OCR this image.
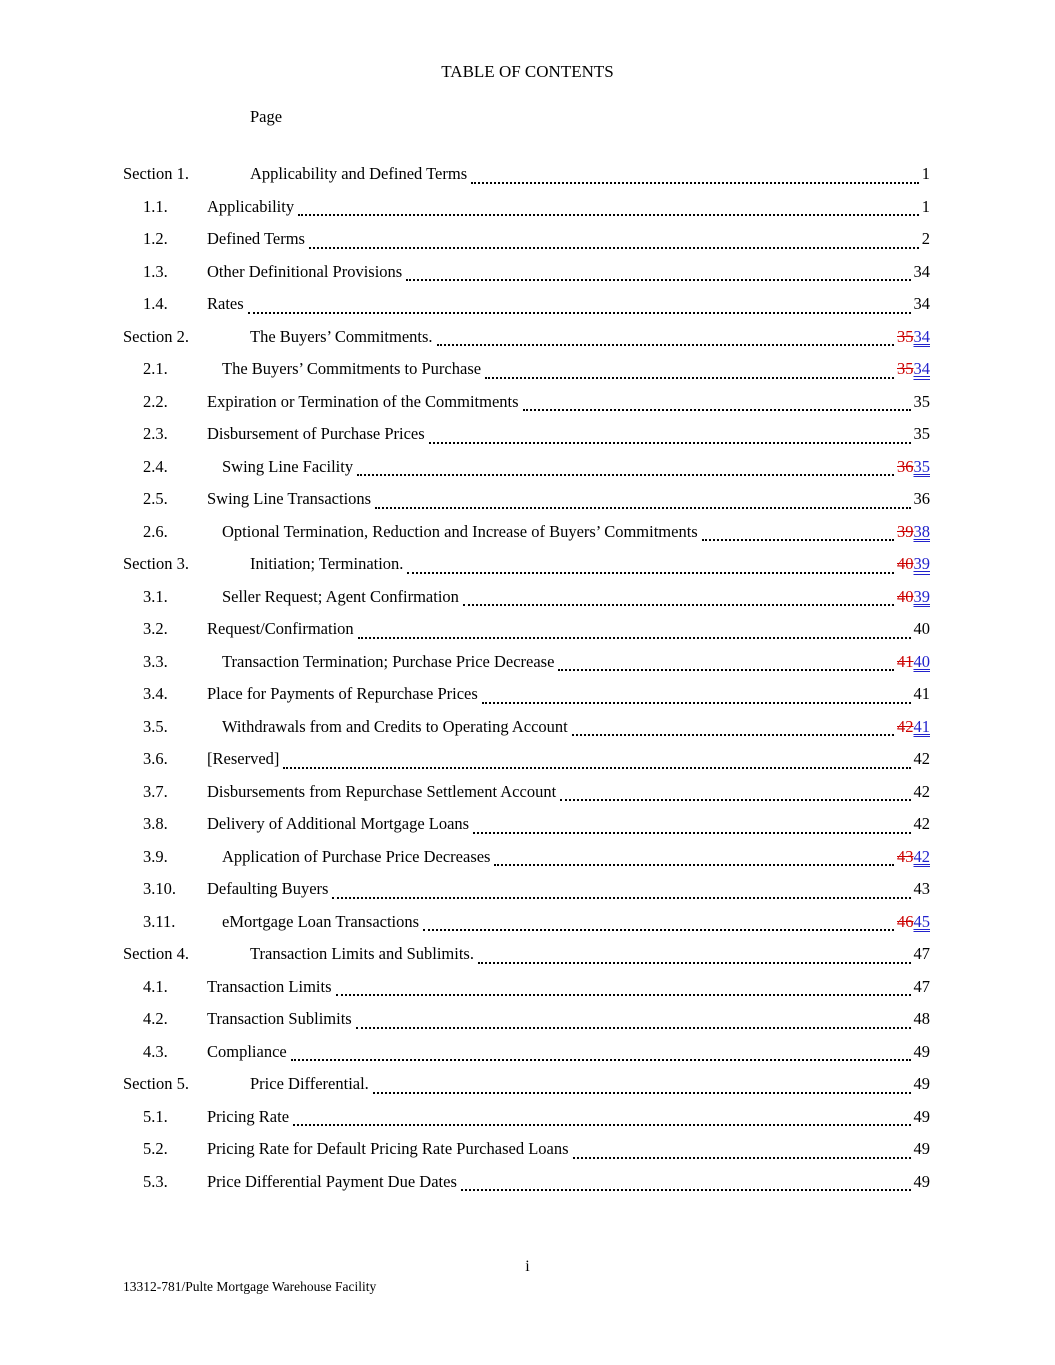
TABLE OF CONTENTS
Page
Section 1.	Applicability and Defined Terms	1
1.1.	Applicability	1
1.2.	Defined Terms	2
1.3.	Other Definitional Provisions	34
1.4.	Rates	34
Section 2.	The Buyers’ Commitments.	3534
2.1.	The Buyers’ Commitments to Purchase	3534
2.2.	Expiration or Termination of the Commitments	35
2.3.	Disbursement of Purchase Prices	35
2.4.	Swing Line Facility	3635
2.5.	Swing Line Transactions	36
2.6.	Optional Termination, Reduction and Increase of Buyers’ Commitments	3938
Section 3.	Initiation; Termination.	4039
3.1.	Seller Request; Agent Confirmation	4039
3.2.	Request/Confirmation	40
3.3.	Transaction Termination; Purchase Price Decrease	4140
3.4.	Place for Payments of Repurchase Prices	41
3.5.	Withdrawals from and Credits to Operating Account	4241
3.6.	[Reserved]	42
3.7.	Disbursements from Repurchase Settlement Account	42
3.8.	Delivery of Additional Mortgage Loans	42
3.9.	Application of Purchase Price Decreases	4342
3.10.	Defaulting Buyers	43
3.11.	eMortgage Loan Transactions	4645
Section 4.	Transaction Limits and Sublimits.	47
4.1.	Transaction Limits	47
4.2.	Transaction Sublimits	48
4.3.	Compliance	49
Section 5.	Price Differential.	49
5.1.	Pricing Rate	49
5.2.	Pricing Rate for Default Pricing Rate Purchased Loans	49
5.3.	Price Differential Payment Due Dates	49
i
13312-781/Pulte Mortgage Warehouse Facility
